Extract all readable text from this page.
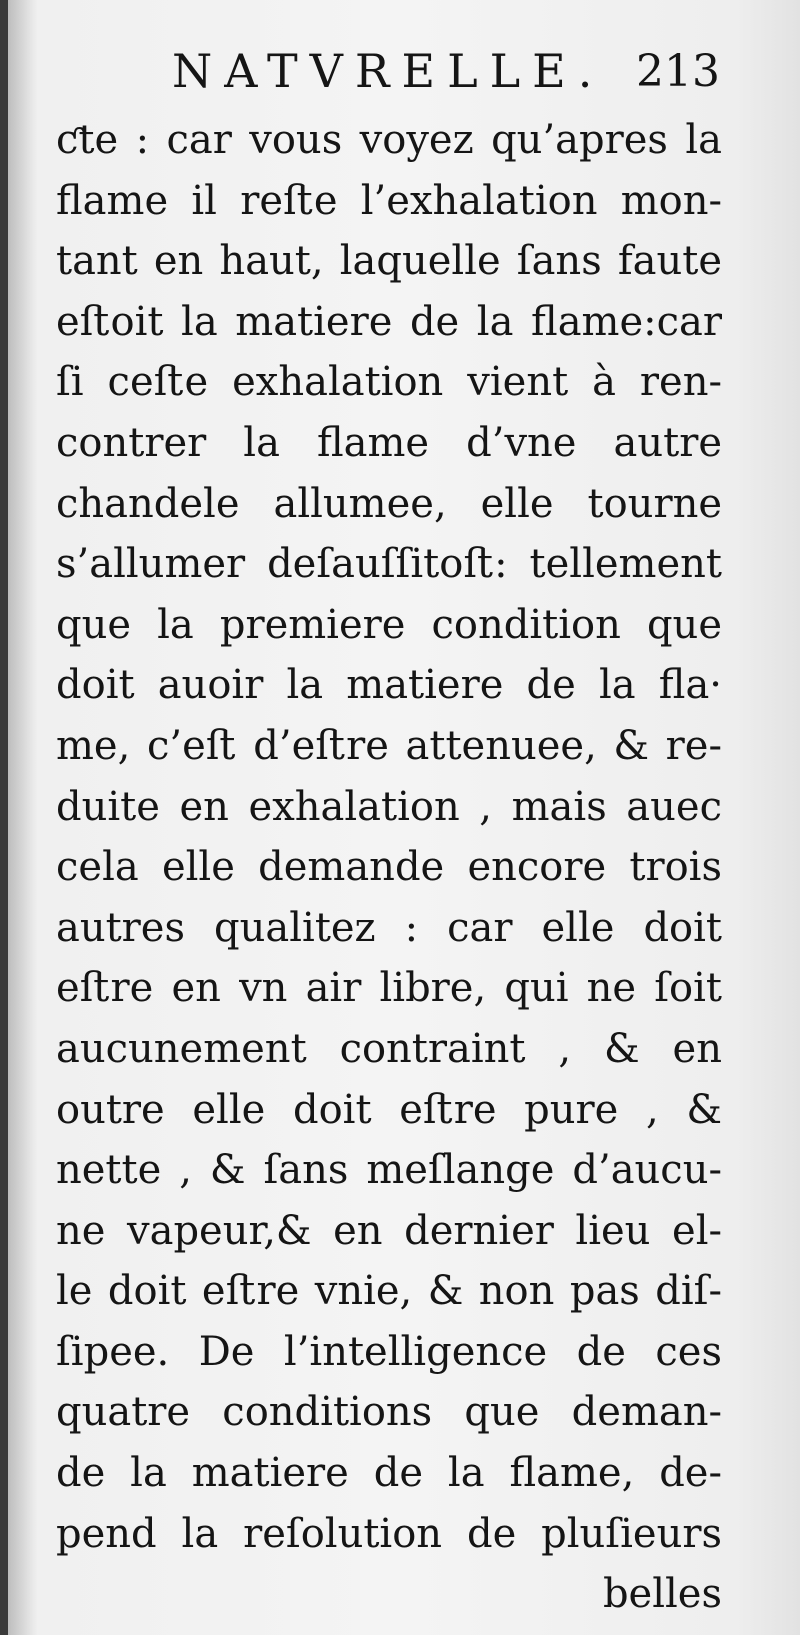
NATVRELLE. 213
ƈte : car vous voyez qu’apres la
ﬂame il reﬅe l’exhalation mon-
tant en haut, laquelle ſans faute
eﬅoit la matiere de la ﬂame:car
ſi ceﬅe exhalation vient à ren-
contrer la ﬂame d’vne autre
chandele allumee, elle tourne
s’allumer deſauſſitoﬅ: tellement
que la premiere condition que
doit auoir la matiere de la ﬂa·
me, c’eﬅ d’eﬅre attenuee, & re-
duite en exhalation , mais auec
cela elle demande encore trois
autres qualitez : car elle doit
eﬅre en vn air libre, qui ne ſoit
aucunement contraint , & en
outre elle doit eﬅre pure , &
nette , & ſans meſlange d’aucu-
ne vapeur,& en dernier lieu el-
le doit eﬅre vnie, & non pas diſ-
ſipee. De l’intelligence de ces
quatre conditions que deman-
de la matiere de la ﬂame, de-
pend la reſolution de pluſieurs
belles
